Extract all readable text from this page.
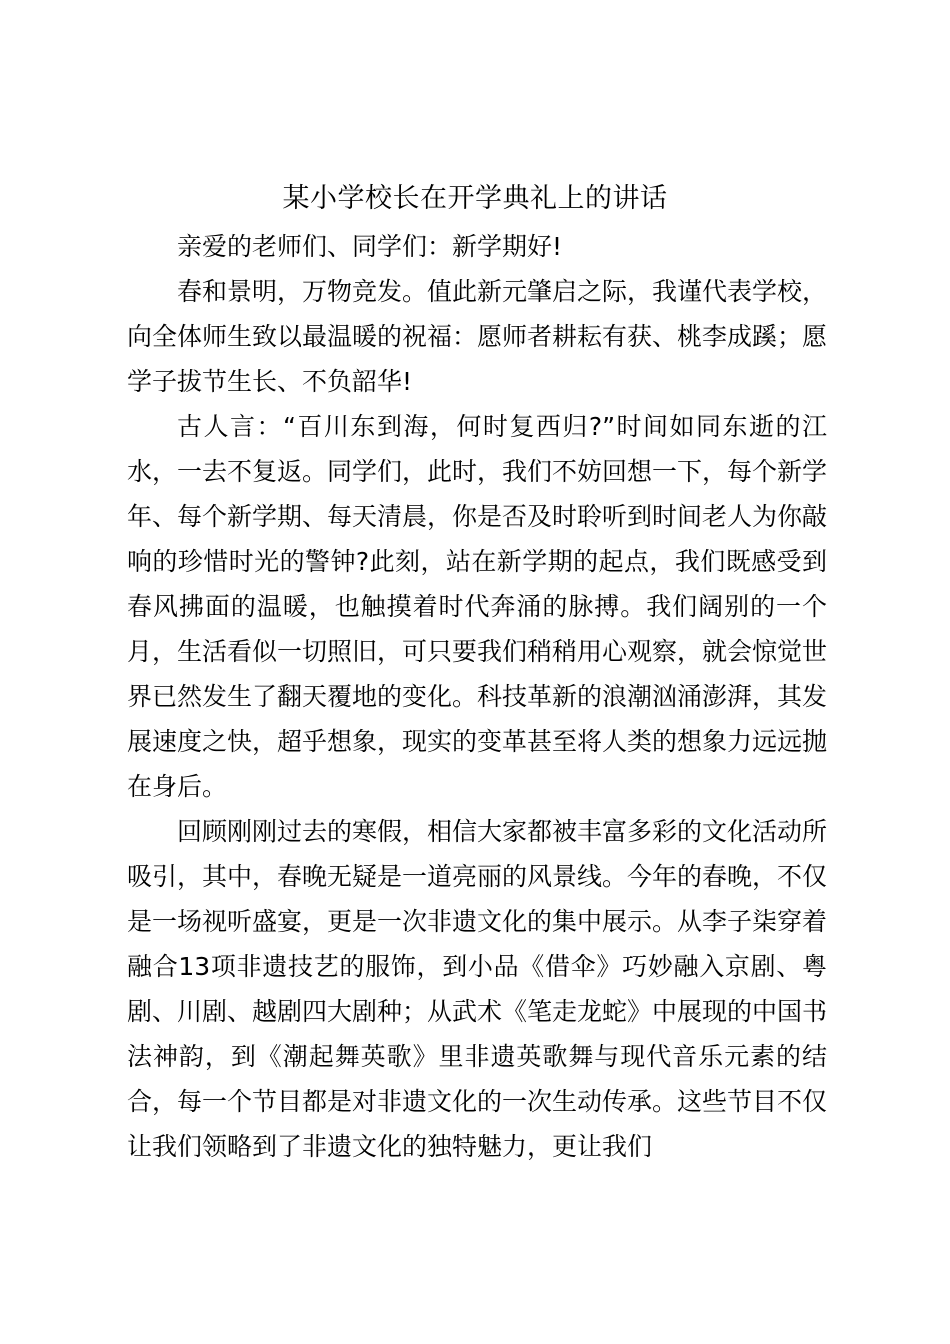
某小学校长在开学典礼上的讲话

亲爱的老师们、同学们：新学期好!

春和景明，万物竞发。值此新元肇启之际，我谨代表学校，向全体师生致以最温暖的祝福：愿师者耕耘有获、桃李成蹊；愿学子拔节生长、不负韶华!

古人言：“百川东到海，何时复西归?”时间如同东逝的江水，一去不复返。同学们，此时，我们不妨回想一下，每个新学年、每个新学期、每天清晨，你是否及时聆听到时间老人为你敲响的珍惜时光的警钟?此刻，站在新学期的起点，我们既感受到春风拂面的温暖，也触摸着时代奔涌的脉搏。我们阔别的一个月，生活看似一切照旧，可只要我们稍稍用心观察，就会惊觉世界已然发生了翻天覆地的变化。科技革新的浪潮汹涌澎湃，其发展速度之快，超乎想象，现实的变革甚至将人类的想象力远远抛在身后。

回顾刚刚过去的寒假，相信大家都被丰富多彩的文化活动所吸引，其中，春晚无疑是一道亮丽的风景线。今年的春晚，不仅是一场视听盛宴，更是一次非遗文化的集中展示。从李子柒穿着融合13项非遗技艺的服饰，到小品《借伞》巧妙融入京剧、粤剧、川剧、越剧四大剧种；从武术《笔走龙蛇》中展现的中国书法神韵，到《潮起舞英歌》里非遗英歌舞与现代音乐元素的结合，每一个节目都是对非遗文化的一次生动传承。这些节目不仅让我们领略到了非遗文化的独特魅力，更让我们
